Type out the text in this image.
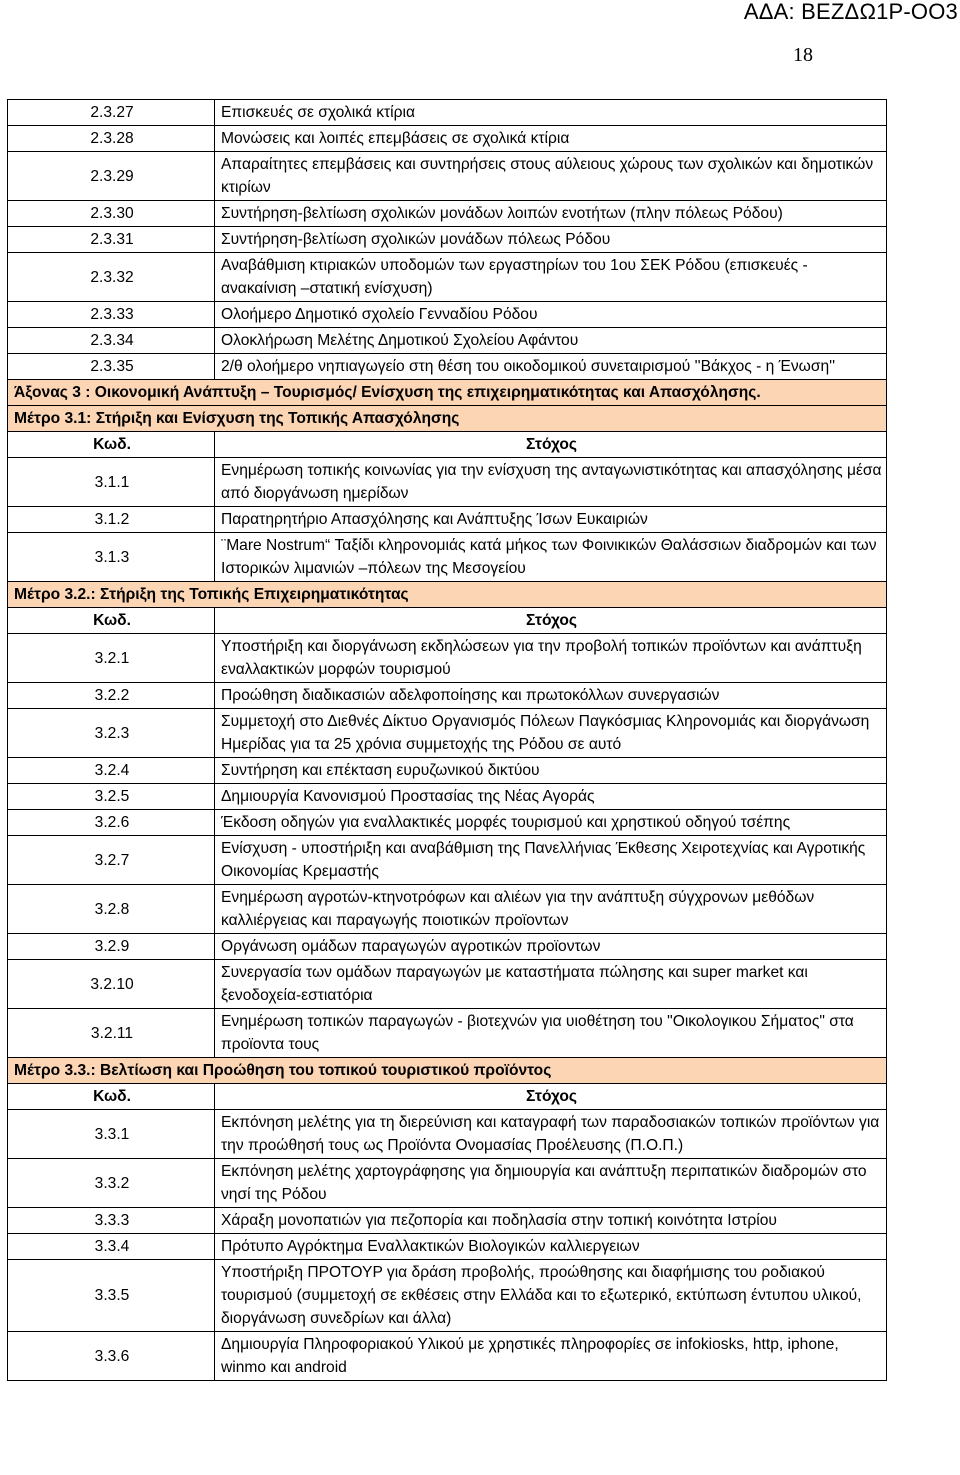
ΑΔΑ: ΒΕΖΔΩ1Ρ-ΟΟ3
18
2.3.27	Επισκευές σε σχολικά κτίρια
2.3.28	Μονώσεις και λοιπές επεμβάσεις σε σχολικά κτίρια
2.3.29	Απαραίτητες επεμβάσεις και συντηρήσεις στους αύλειους χώρους των σχολικών και δημοτικών κτιρίων
2.3.30	Συντήρηση-βελτίωση σχολικών μονάδων λοιπών ενοτήτων (πλην πόλεως Ρόδου)
2.3.31	Συντήρηση-βελτίωση σχολικών μονάδων πόλεως Ρόδου
2.3.32	Αναβάθμιση κτιριακών υποδομών των εργαστηρίων του 1ου ΣΕΚ Ρόδου (επισκευές - ανακαίνιση –στατική ενίσχυση)
2.3.33	Ολοήμερο Δημοτικό σχολείο Γενναδίου Ρόδου
2.3.34	Ολοκλήρωση Μελέτης Δημοτικού Σχολείου Αφάντου
2.3.35	2/θ ολοήμερο νηπιαγωγείο στη θέση του οικοδομικού συνεταιρισμού ''Βάκχος - η Ένωση''
Άξονας 3 : Οικονομική Ανάπτυξη – Τουρισμός/ Ενίσχυση της επιχειρηματικότητας και Απασχόλησης.	
Μέτρο 3.1: Στήριξη και Ενίσχυση της Τοπικής Απασχόλησης	
Κωδ.	Στόχος
3.1.1	Ενημέρωση τοπικής κοινωνίας για την ενίσχυση της ανταγωνιστικότητας και απασχόλησης μέσα από διοργάνωση ημερίδων
3.1.2	Παρατηρητήριο Απασχόλησης και Ανάπτυξης Ίσων Ευκαιριών
3.1.3	¨Mare Nostrum“ Ταξίδι κληρονομιάς κατά μήκος των Φοινικικών Θαλάσσιων διαδρομών και των Ιστορικών λιμανιών –πόλεων της Μεσογείου
Μέτρο 3.2.: Στήριξη της Τοπικής Επιχειρηματικότητας	
Κωδ.	Στόχος
3.2.1	Υποστήριξη και διοργάνωση εκδηλώσεων για την προβολή τοπικών προϊόντων και ανάπτυξη εναλλακτικών μορφών τουρισμού
3.2.2	Προώθηση διαδικασιών αδελφοποίησης και πρωτοκόλλων συνεργασιών
3.2.3	Συμμετοχή στο Διεθνές Δίκτυο Οργανισμός Πόλεων Παγκόσμιας Κληρονομιάς και διοργάνωση Ημερίδας για τα 25 χρόνια συμμετοχής της Ρόδου σε αυτό
3.2.4	Συντήρηση και επέκταση ευρυζωνικού δικτύου
3.2.5	Δημιουργία Κανονισμού Προστασίας της Νέας Αγοράς
3.2.6	Έκδοση οδηγών για εναλλακτικές μορφές τουρισμού και χρηστικού οδηγού τσέπης
3.2.7	Ενίσχυση - υποστήριξη και αναβάθμιση της Πανελλήνιας Έκθεσης Χειροτεχνίας και Αγροτικής Οικονομίας Κρεμαστής
3.2.8	Ενημέρωση αγροτών-κτηνοτρόφων και αλιέων για την ανάπτυξη σύγχρονων μεθόδων καλλιέργειας και παραγωγής ποιοτικών προϊοντων
3.2.9	Οργάνωση ομάδων παραγωγών αγροτικών προϊοντων
3.2.10	Συνεργασία των ομάδων παραγωγών με καταστήματα πώλησης και super market και ξενοδοχεία-εστιατόρια
3.2.11	Ενημέρωση τοπικών παραγωγών - βιοτεχνών για υιοθέτηση του "Οικολογικου Σήματος" στα προϊοντα τους
Μέτρο 3.3.: Βελτίωση και Προώθηση του τοπικού τουριστικού προϊόντος	
Κωδ.	Στόχος
3.3.1	Εκπόνηση μελέτης για τη διερεύνιση και καταγραφή των παραδοσιακών τοπικών προϊόντων για την προώθησή τους ως Προϊόντα Ονομασίας Προέλευσης (Π.Ο.Π.)
3.3.2	Εκπόνηση μελέτης χαρτογράφησης για δημιουργία και ανάπτυξη περιπατικών διαδρομών στο νησί της Ρόδου
3.3.3	Χάραξη μονοπατιών για πεζοπορία και ποδηλασία στην τοπική κοινότητα Ιστρίου
3.3.4	Πρότυπο Αγρόκτημα Εναλλακτικών Βιολογικών καλλιεργειων
3.3.5	Υποστήριξη ΠΡΟΤΟΥΡ για δράση προβολής, προώθησης και διαφήμισης του ροδιακού τουρισμού (συμμετοχή σε εκθέσεις στην Ελλάδα και το εξωτερικό, εκτύπωση έντυπου υλικού, διοργάνωση συνεδρίων και άλλα)
3.3.6	Δημιουργία Πληροφοριακού Υλικού με χρηστικές πληροφορίες σε infokiosks, http, iphone, winmo και android
